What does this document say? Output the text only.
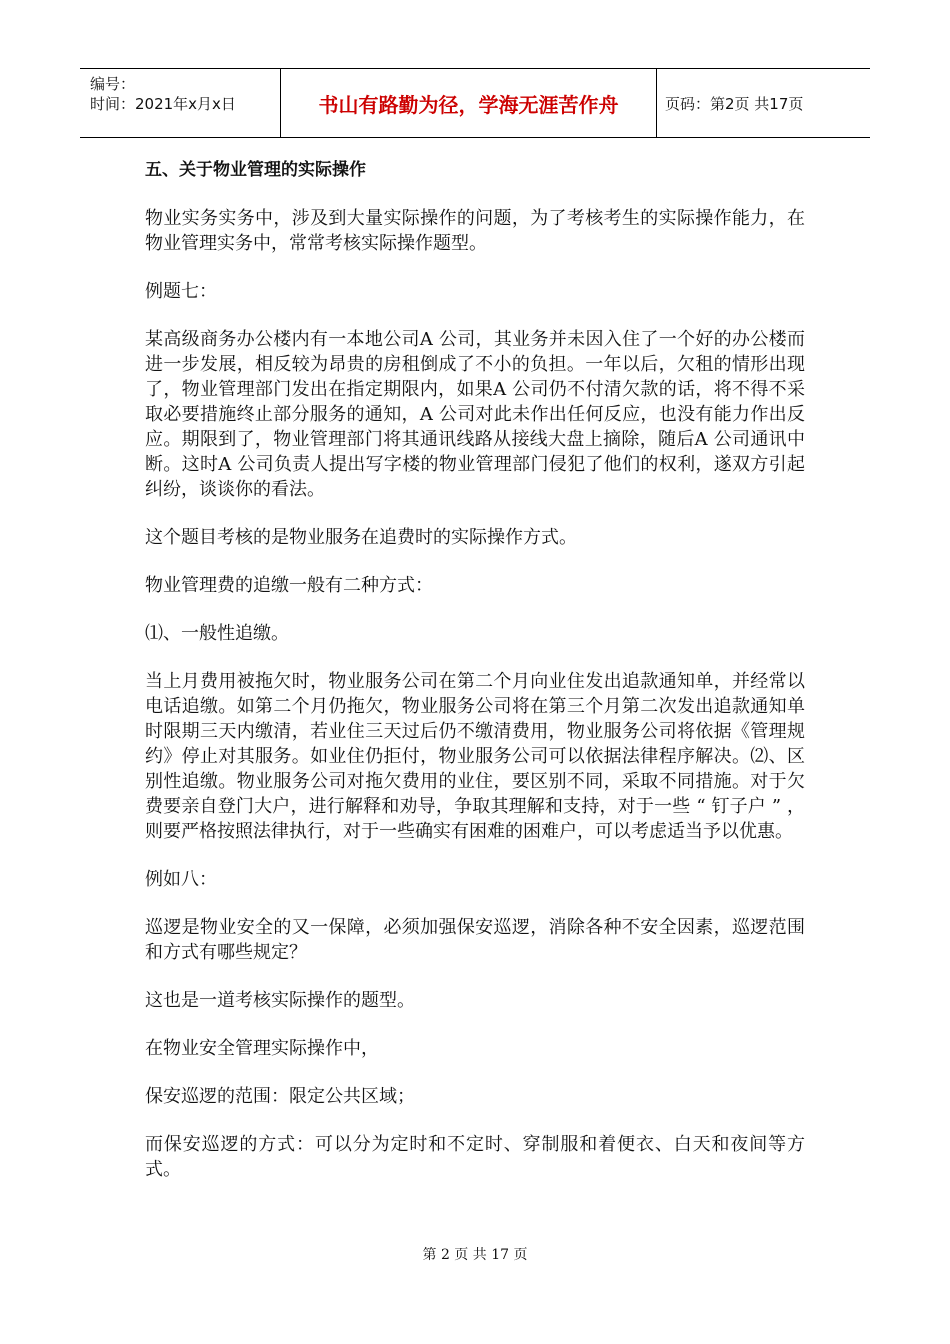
编号：
时间：2021年x月x日	书山有路勤为径，学海无涯苦作舟	页码：第2页 共17页

五、关于物业管理的实际操作

物业实务实务中，涉及到大量实际操作的问题，为了考核考生的实际操作能力，在物业管理实务中，常常考核实际操作题型。

例题七：

某高级商务办公楼内有一本地公司A 公司，其业务并未因入住了一个好的办公楼而进一步发展，相反较为昂贵的房租倒成了不小的负担。一年以后，欠租的情形出现了，物业管理部门发出在指定期限内，如果A 公司仍不付清欠款的话，将不得不采取必要措施终止部分服务的通知，A 公司对此未作出任何反应，也没有能力作出反应。期限到了，物业管理部门将其通讯线路从接线大盘上摘除，随后A 公司通讯中断。这时A 公司负责人提出写字楼的物业管理部门侵犯了他们的权利，遂双方引起纠纷，谈谈你的看法。

这个题目考核的是物业服务在追费时的实际操作方式。

物业管理费的追缴一般有二种方式：

⑴、一般性追缴。

当上月费用被拖欠时，物业服务公司在第二个月向业住发出追款通知单，并经常以电话追缴。如第二个月仍拖欠，物业服务公司将在第三个月第二次发出追款通知单时限期三天内缴清，若业住三天过后仍不缴清费用，物业服务公司将依据《管理规约》停止对其服务。如业住仍拒付，物业服务公司可以依据法律程序解决。⑵、区别性追缴。物业服务公司对拖欠费用的业住，要区别不同，采取不同措施。对于欠费要亲自登门大户，进行解释和劝导，争取其理解和支持，对于一些 “ 钉子户 ” ，则要严格按照法律执行，对于一些确实有困难的困难户，可以考虑适当予以优惠。

例如八：

巡逻是物业安全的又一保障，必须加强保安巡逻，消除各种不安全因素，巡逻范围和方式有哪些规定？

这也是一道考核实际操作的题型。

在物业安全管理实际操作中，

保安巡逻的范围：限定公共区域；

而保安巡逻的方式：可以分为定时和不定时、穿制服和着便衣、白天和夜间等方式。

第 2 页 共 17 页
